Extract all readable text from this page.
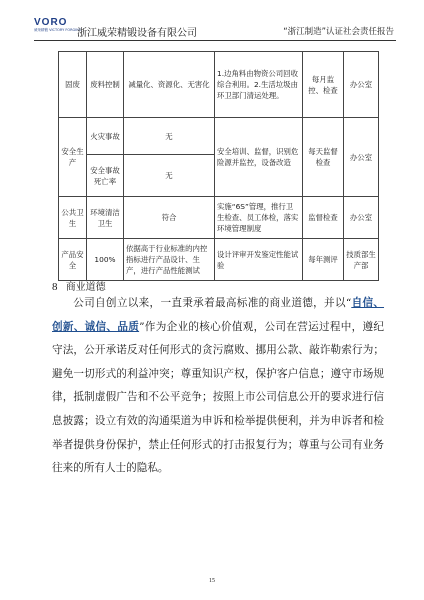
VORO
威荣精锻 VICTORY FORGING
浙江威荣精锻设备有限公司	“浙江制造”认证社会责任报告
固废	废料控制	减量化、资源化、无害化	1.边角料由物资公司回收综合利用。2.生活垃圾由环卫部门清运处理。	每月监控、检查	办公室
安全生产	火灾事故	无	安全培训、监督，识别危险源并监控，设备改造	每天监督检查	办公室
	安全事故死亡率	无			
公共卫生	环境清洁卫生	符合	实施“6S”管理，推行卫生检查、员工体检，落实环境管理制度	监督检查	办公室
产品安全	100%	依据高于行业标准的内控指标进行产品设计、生产，进行产品性能测试	设计评审开发鉴定性能试验	每年测评	技质部生产部
8 商业道德

公司自创立以来，一直秉承着最高标准的商业道德，并以“自信、创新、诚信、品质”作为企业的核心价值观，公司在营运过程中，遵纪守法，公开承诺反对任何形式的贪污腐败、挪用公款、敲诈勒索行为；避免一切形式的利益冲突；尊重知识产权，保护客户信息；遵守市场规律，抵制虚假广告和不公平竞争；按照上市公司信息公开的要求进行信息披露；设立有效的沟通渠道为申诉和检举提供便利，并为申诉者和检举者提供身份保护，禁止任何形式的打击报复行为；尊重与公司有业务往来的所有人士的隐私。

15
